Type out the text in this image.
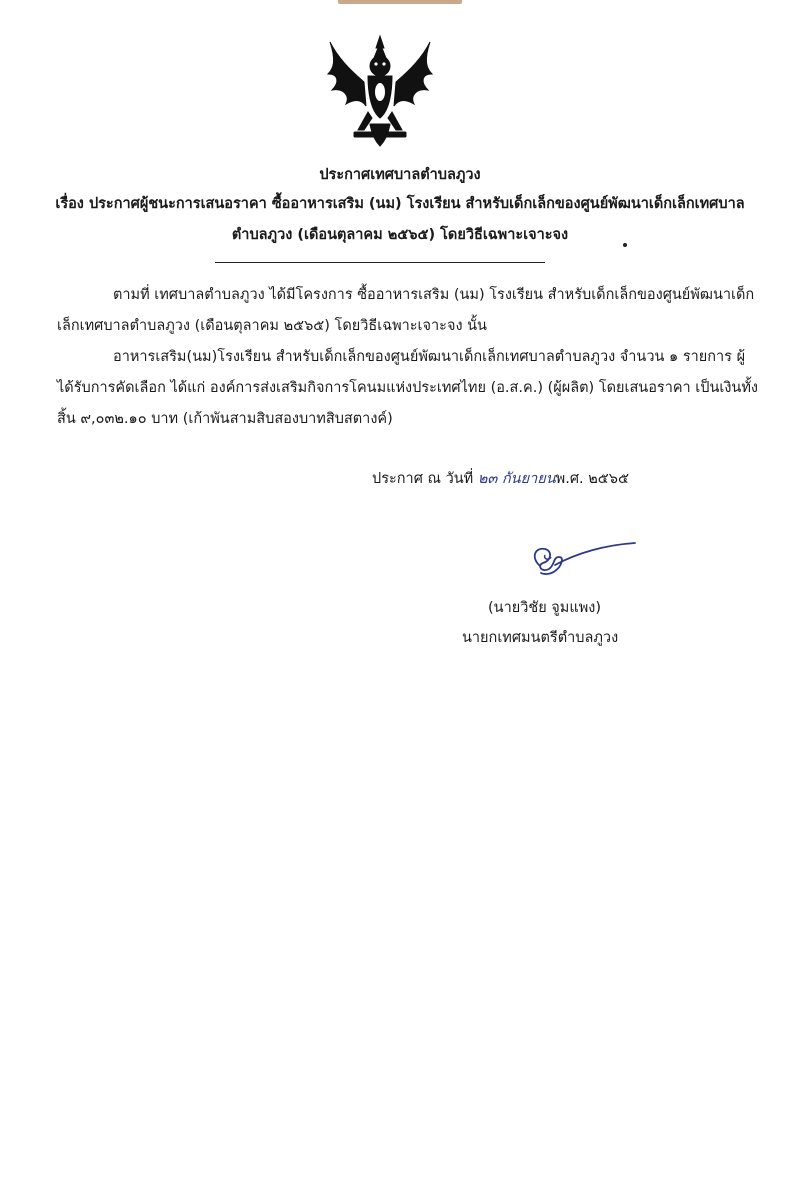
ประกาศเทศบาลตำบลภูวง
เรื่อง ประกาศผู้ชนะการเสนอราคา ซื้ออาหารเสริม (นม) โรงเรียน สำหรับเด็กเล็กของศูนย์พัฒนาเด็กเล็กเทศบาล
ตำบลภูวง (เดือนตุลาคม ๒๕๖๕) โดยวิธีเฉพาะเจาะจง
ตามที่ เทศบาลตำบลภูวง ได้มีโครงการ ซื้ออาหารเสริม (นม) โรงเรียน สำหรับเด็กเล็กของศูนย์พัฒนาเด็ก
เล็กเทศบาลตำบลภูวง (เดือนตุลาคม ๒๕๖๕) โดยวิธีเฉพาะเจาะจง นั้น
อาหารเสริม(นม)โรงเรียน สำหรับเด็กเล็กของศูนย์พัฒนาเด็กเล็กเทศบาลตำบลภูวง จำนวน ๑ รายการ ผู้
ได้รับการคัดเลือก ได้แก่ องค์การส่งเสริมกิจการโคนมแห่งประเทศไทย (อ.ส.ค.) (ผู้ผลิต) โดยเสนอราคา เป็นเงินทั้ง
สิ้น ๙,๐๓๒.๑๐ บาท (เก้าพันสามสิบสองบาทสิบสตางค์)
ประกาศ ณ วันที่ ๒๓ กันยายนพ.ศ. ๒๕๖๕
(นายวิชัย จูมแพง)
นายกเทศมนตรีตำบลภูวง
